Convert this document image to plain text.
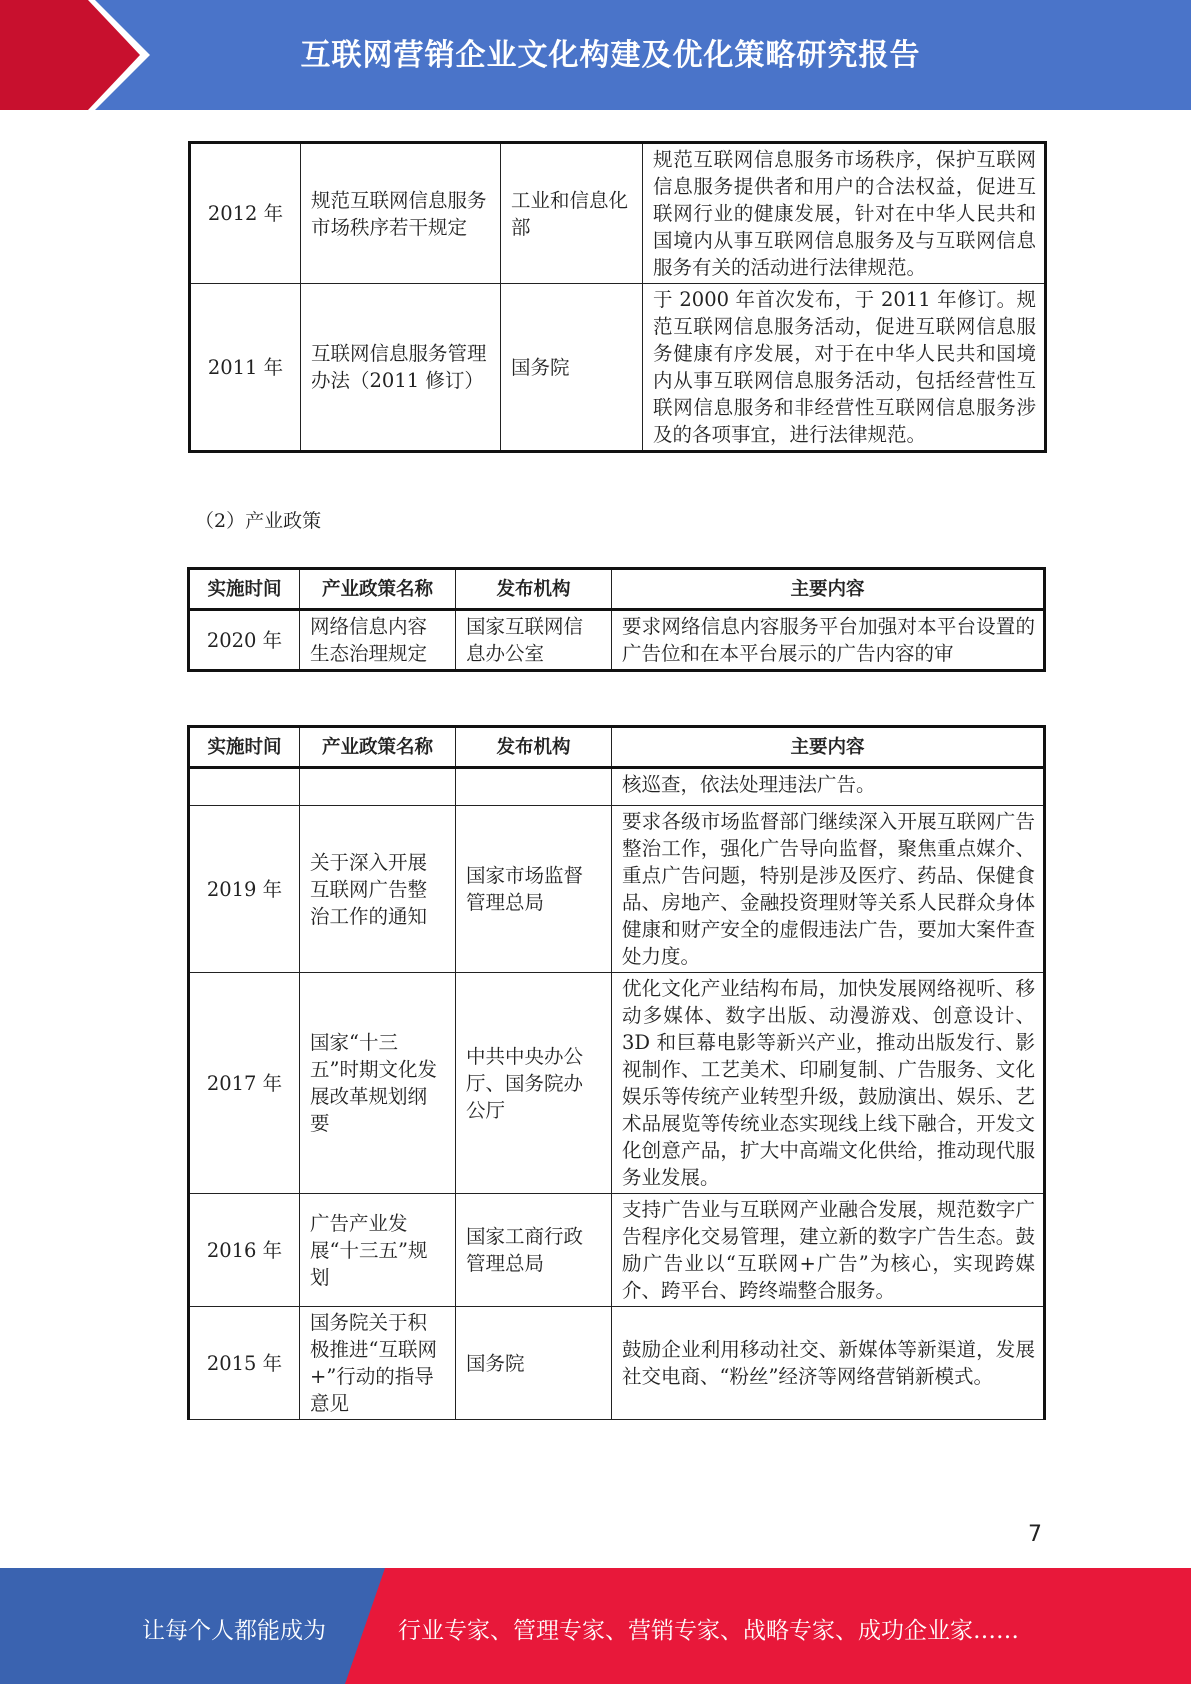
互联网营销企业文化构建及优化策略研究报告
2012 年	规范互联网信息服务市场秩序若干规定	工业和信息化部	规范互联网信息服务市场秩序，保护互联网信息服务提供者和用户的合法权益，促进互联网行业的健康发展，针对在中华人民共和国境内从事互联网信息服务及与互联网信息服务有关的活动进行法律规范。
2011 年	互联网信息服务管理办法（2011 修订）	国务院	于 2000 年首次发布，于 2011 年修订。规范互联网信息服务活动，促进互联网信息服务健康有序发展，对于在中华人民共和国境内从事互联网信息服务活动，包括经营性互联网信息服务和非经营性互联网信息服务涉及的各项事宜，进行法律规范。
（2）产业政策
实施时间	产业政策名称	发布机构	主要内容
2020 年	网络信息内容生态治理规定	国家互联网信息办公室	要求网络信息内容服务平台加强对本平台设置的广告位和在本平台展示的广告内容的审
实施时间	产业政策名称	发布机构	主要内容
			核巡查，依法处理违法广告。
2019 年	关于深入开展互联网广告整治工作的通知	国家市场监督管理总局	要求各级市场监督部门继续深入开展互联网广告整治工作，强化广告导向监督，聚焦重点媒介、重点广告问题，特别是涉及医疗、药品、保健食品、房地产、金融投资理财等关系人民群众身体健康和财产安全的虚假违法广告，要加大案件查处力度。
2017 年	国家“十三五”时期文化发展改革规划纲要	中共中央办公厅、国务院办公厅	优化文化产业结构布局，加快发展网络视听、移动多媒体、数字出版、动漫游戏、创意设计、3D 和巨幕电影等新兴产业，推动出版发行、影视制作、工艺美术、印刷复制、广告服务、文化娱乐等传统产业转型升级，鼓励演出、娱乐、艺术品展览等传统业态实现线上线下融合，开发文化创意产品，扩大中高端文化供给，推动现代服务业发展。
2016 年	广告产业发展“十三五”规划	国家工商行政管理总局	支持广告业与互联网产业融合发展，规范数字广告程序化交易管理，建立新的数字广告生态。鼓励广告业以“互联网+广告”为核心，实现跨媒介、跨平台、跨终端整合服务。
2015 年	国务院关于积极推进“互联网+”行动的指导意见	国务院	鼓励企业利用移动社交、新媒体等新渠道，发展社交电商、“粉丝”经济等网络营销新模式。
7
让每个人都能成为	行业专家、管理专家、营销专家、战略专家、成功企业家……
